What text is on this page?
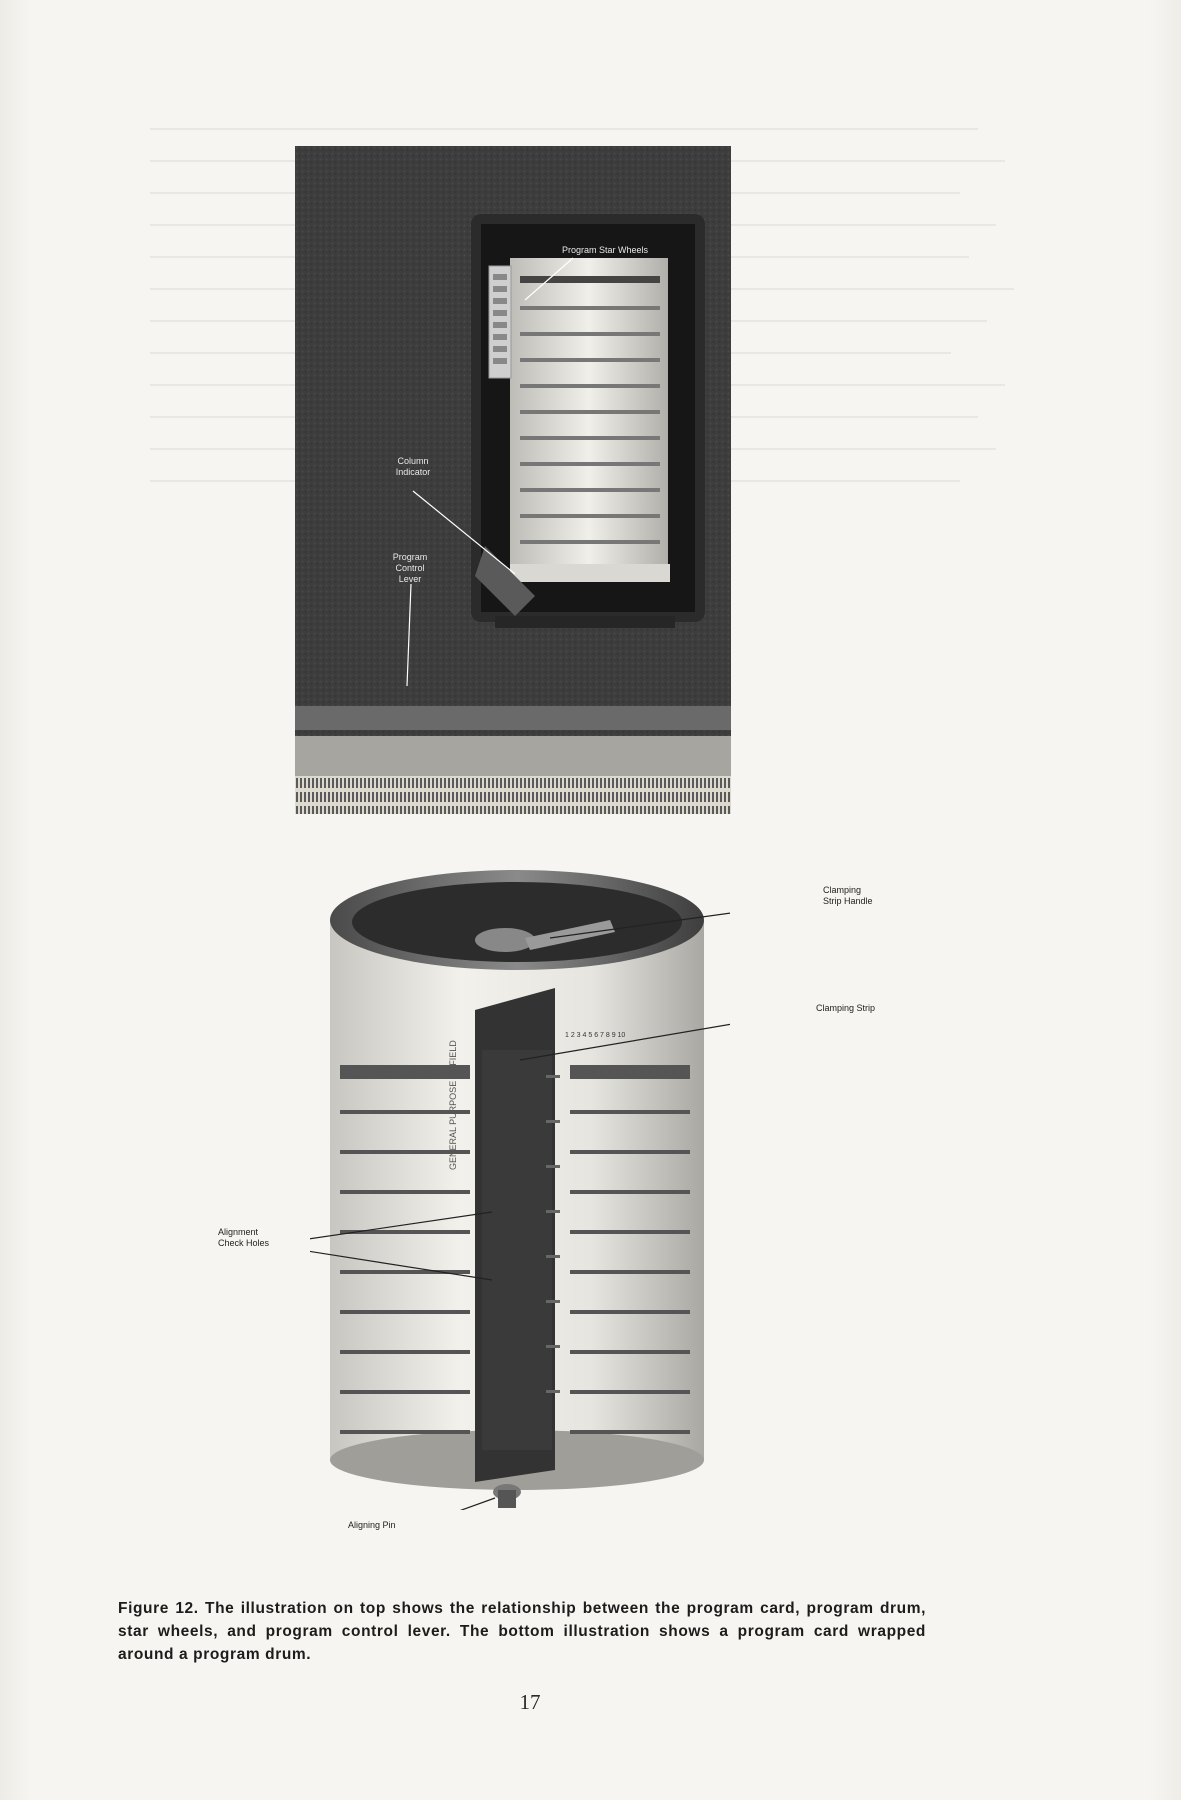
Program Star Wheels
Column
Indicator
Program
Control
Lever
1 2 3 4 5 6 7 8 9 10
GENERAL PURPOSE 20 FIELD
Clamping
Strip Handle
Clamping Strip
Alignment
Check Holes
Aligning Pin
Figure 12. The illustration on top shows the relationship between the program card, program drum, star wheels, and program control lever. The bottom illustration shows a program card wrapped around a program drum.
17
